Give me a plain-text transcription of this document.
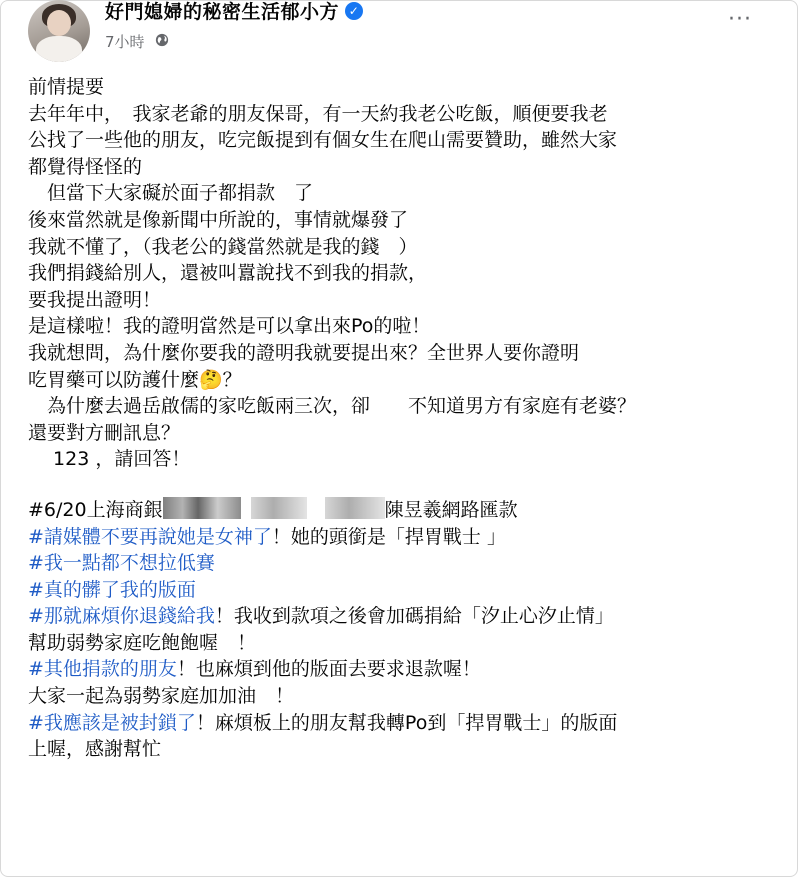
好門媳婦的秘密生活郁小方 ✓
7小時
···
前情提要
去年年中，　我家老爺的朋友保哥，有一天約我老公吃飯，順便要我老
公找了一些他的朋友，吃完飯提到有個女生在爬山需要贊助，雖然大家
都覺得怪怪的
　但當下大家礙於面子都捐款　了
後來當然就是像新聞中所說的，事情就爆發了
我就不懂了，（我老公的錢當然就是我的錢　）
我們捐錢給別人，還被叫囂說找不到我的捐款，
要我提出證明！
是這樣啦！我的證明當然是可以拿出來Po的啦！
我就想問，為什麼你要我的證明我就要提出來？全世界人要你證明
吃胃藥可以防護什麼🤔？
　為什麼去過岳啟儒的家吃飯兩三次，卻　　不知道男方有家庭有老婆？
還要對方刪訊息？
　 123 ，請回答！
#6/20上海商銀	陳昱羲網路匯款
#請媒體不要再說她是女神了！她的頭銜是「捍胃戰士 」
#我一點都不想拉低賽
#真的髒了我的版面
#那就麻煩你退錢給我！我收到款項之後會加碼捐給「汐止心汐止情」
幫助弱勢家庭吃飽飽喔　！
#其他捐款的朋友！也麻煩到他的版面去要求退款喔！
大家一起為弱勢家庭加加油　！
#我應該是被封鎖了！麻煩板上的朋友幫我轉Po到「捍胃戰士」的版面
上喔，感謝幫忙
